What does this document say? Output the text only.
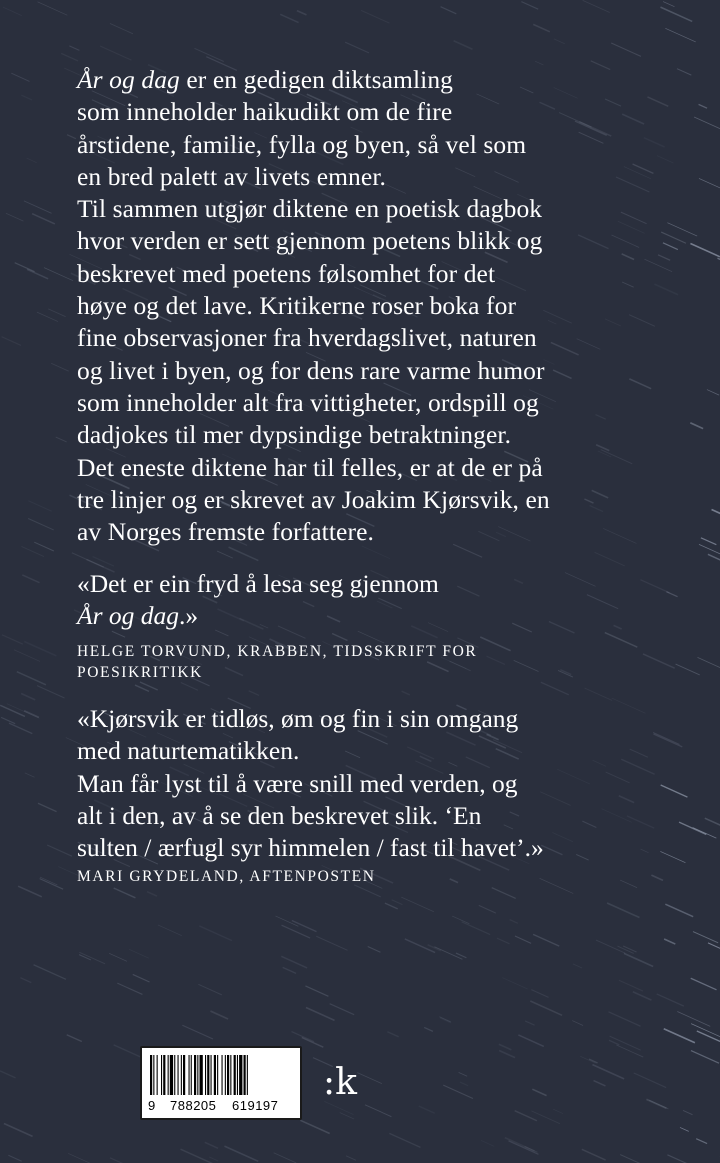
År og dag er en gedigen diktsamling
som inneholder haikudikt om de fire
årstidene, familie, fylla og byen, så vel som
en bred palett av livets emner.
Til sammen utgjør diktene en poetisk dagbok
hvor verden er sett gjennom poetens blikk og
beskrevet med poetens følsomhet for det
høye og det lave. Kritikerne roser boka for
fine observasjoner fra hverdagslivet, naturen
og livet i byen, og for dens rare varme humor
som inneholder alt fra vittigheter, ordspill og
dadjokes til mer dypsindige betraktninger.
Det eneste diktene har til felles, er at de er på
tre linjer og er skrevet av Joakim Kjørsvik, en
av Norges fremste forfattere.
«Det er ein fryd å lesa seg gjennom
År og dag.»
HELGE TORVUND, KRABBEN, TIDSSKRIFT FOR
POESIKRITIKK
«Kjørsvik er tidløs, øm og fin i sin omgang
med naturtematikken.
Man får lyst til å være snill med verden, og
alt i den, av å se den beskrevet slik. ‘En
sulten / ærfugl syr himmelen / fast til havet’.»
MARI GRYDELAND, AFTENPOSTEN
9 788205 619197
:k
